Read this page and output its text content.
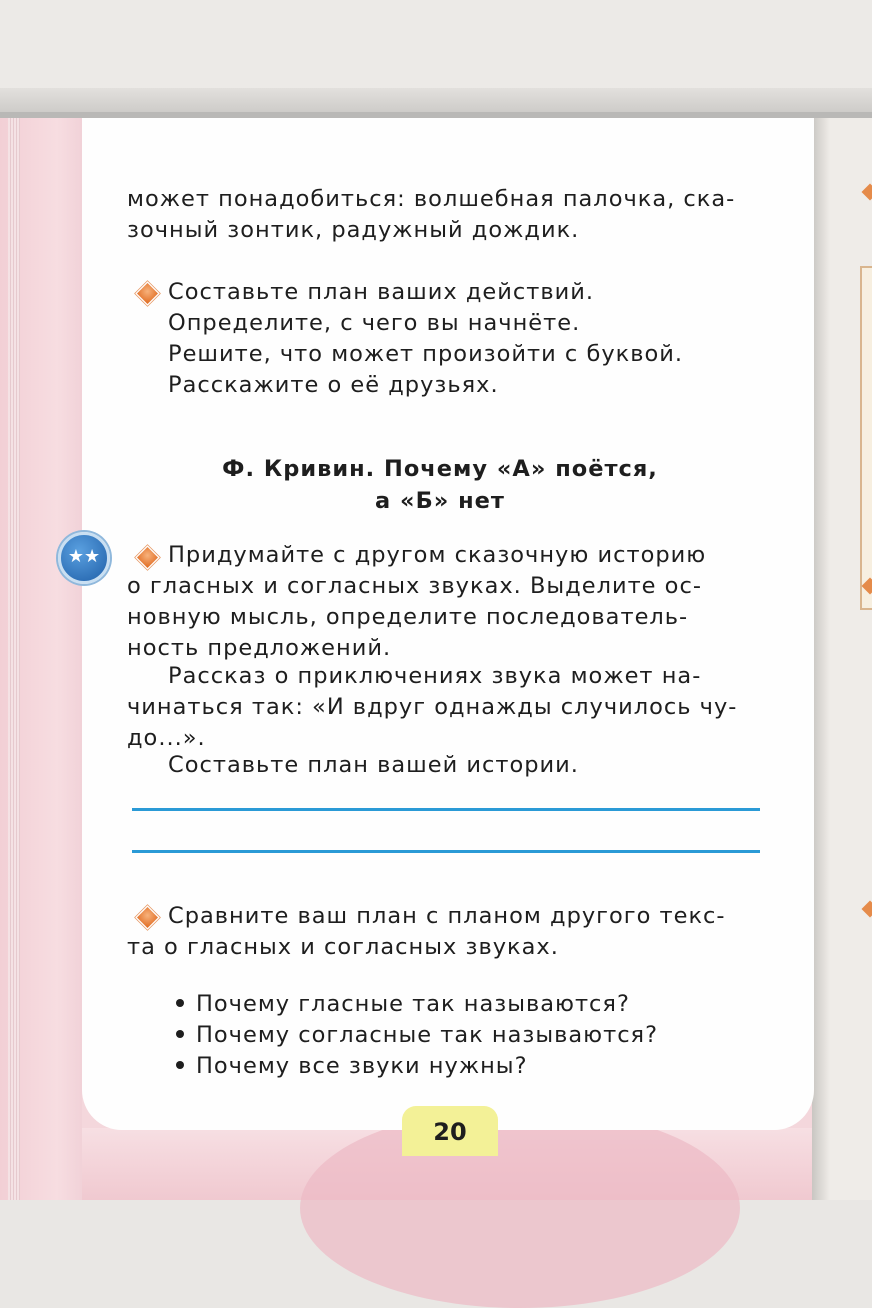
может понадобиться: волшебная палочка, ска-
зочный зонтик, радужный дождик.
Составьте план ваших действий.
Определите, с чего вы начнёте.
Решите, что может произойти с буквой.
Расскажите о её друзьях.
Ф. Кривин. Почему «А» поётся,
а «Б» нет
★★	Придумайте с другом сказочную историю
о гласных и согласных звуках. Выделите ос-
новную мысль, определите последователь-
ность предложений.
Рассказ о приключениях звука может на-
чинаться так: «И вдруг однажды случилось чу-
до...».
Составьте план вашей истории.
Сравните ваш план с планом другого текс-
та о гласных и согласных звуках.
Почему гласные так называются?
Почему согласные так называются?
Почему все звуки нужны?
20
